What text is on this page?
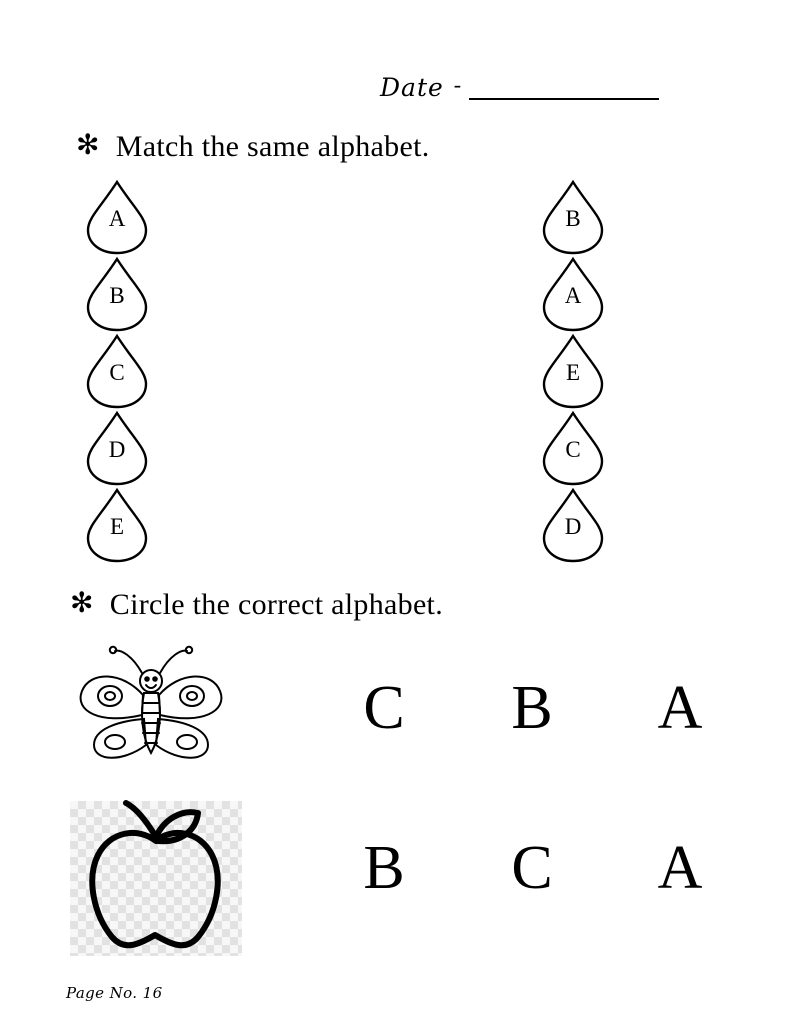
Date -
✻ Match the same alphabet.
A
B
C
D
E
B
A
E
C
D
✻ Circle the correct alphabet.
C	B	A
B	C	A
Page No. 16
